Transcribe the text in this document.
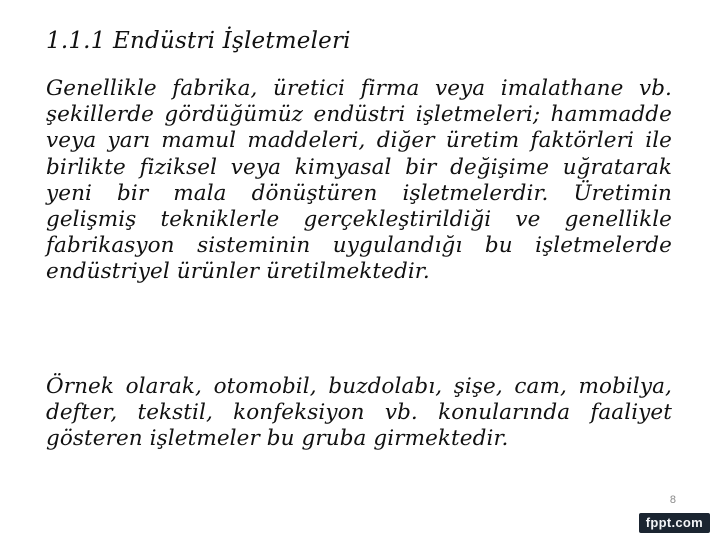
1.1.1 Endüstri İşletmeleri

Genellikle fabrika, üretici firma veya imalathane vb. şekillerde gördüğümüz endüstri işletmeleri; hammadde veya yarı mamul maddeleri, diğer üretim faktörleri ile birlikte fiziksel veya kimyasal bir değişime uğratarak yeni bir mala dönüştüren işletmelerdir. Üretimin gelişmiş tekniklerle gerçekleştirildiği ve genellikle fabrikasyon sisteminin uygulandığı bu işletmelerde endüstriyel ürünler üretilmektedir.

Örnek olarak, otomobil, buzdolabı, şişe, cam, mobilya, defter, tekstil, konfeksiyon vb. konularında faaliyet gösteren işletmeler bu gruba girmektedir.

8
fppt.com
